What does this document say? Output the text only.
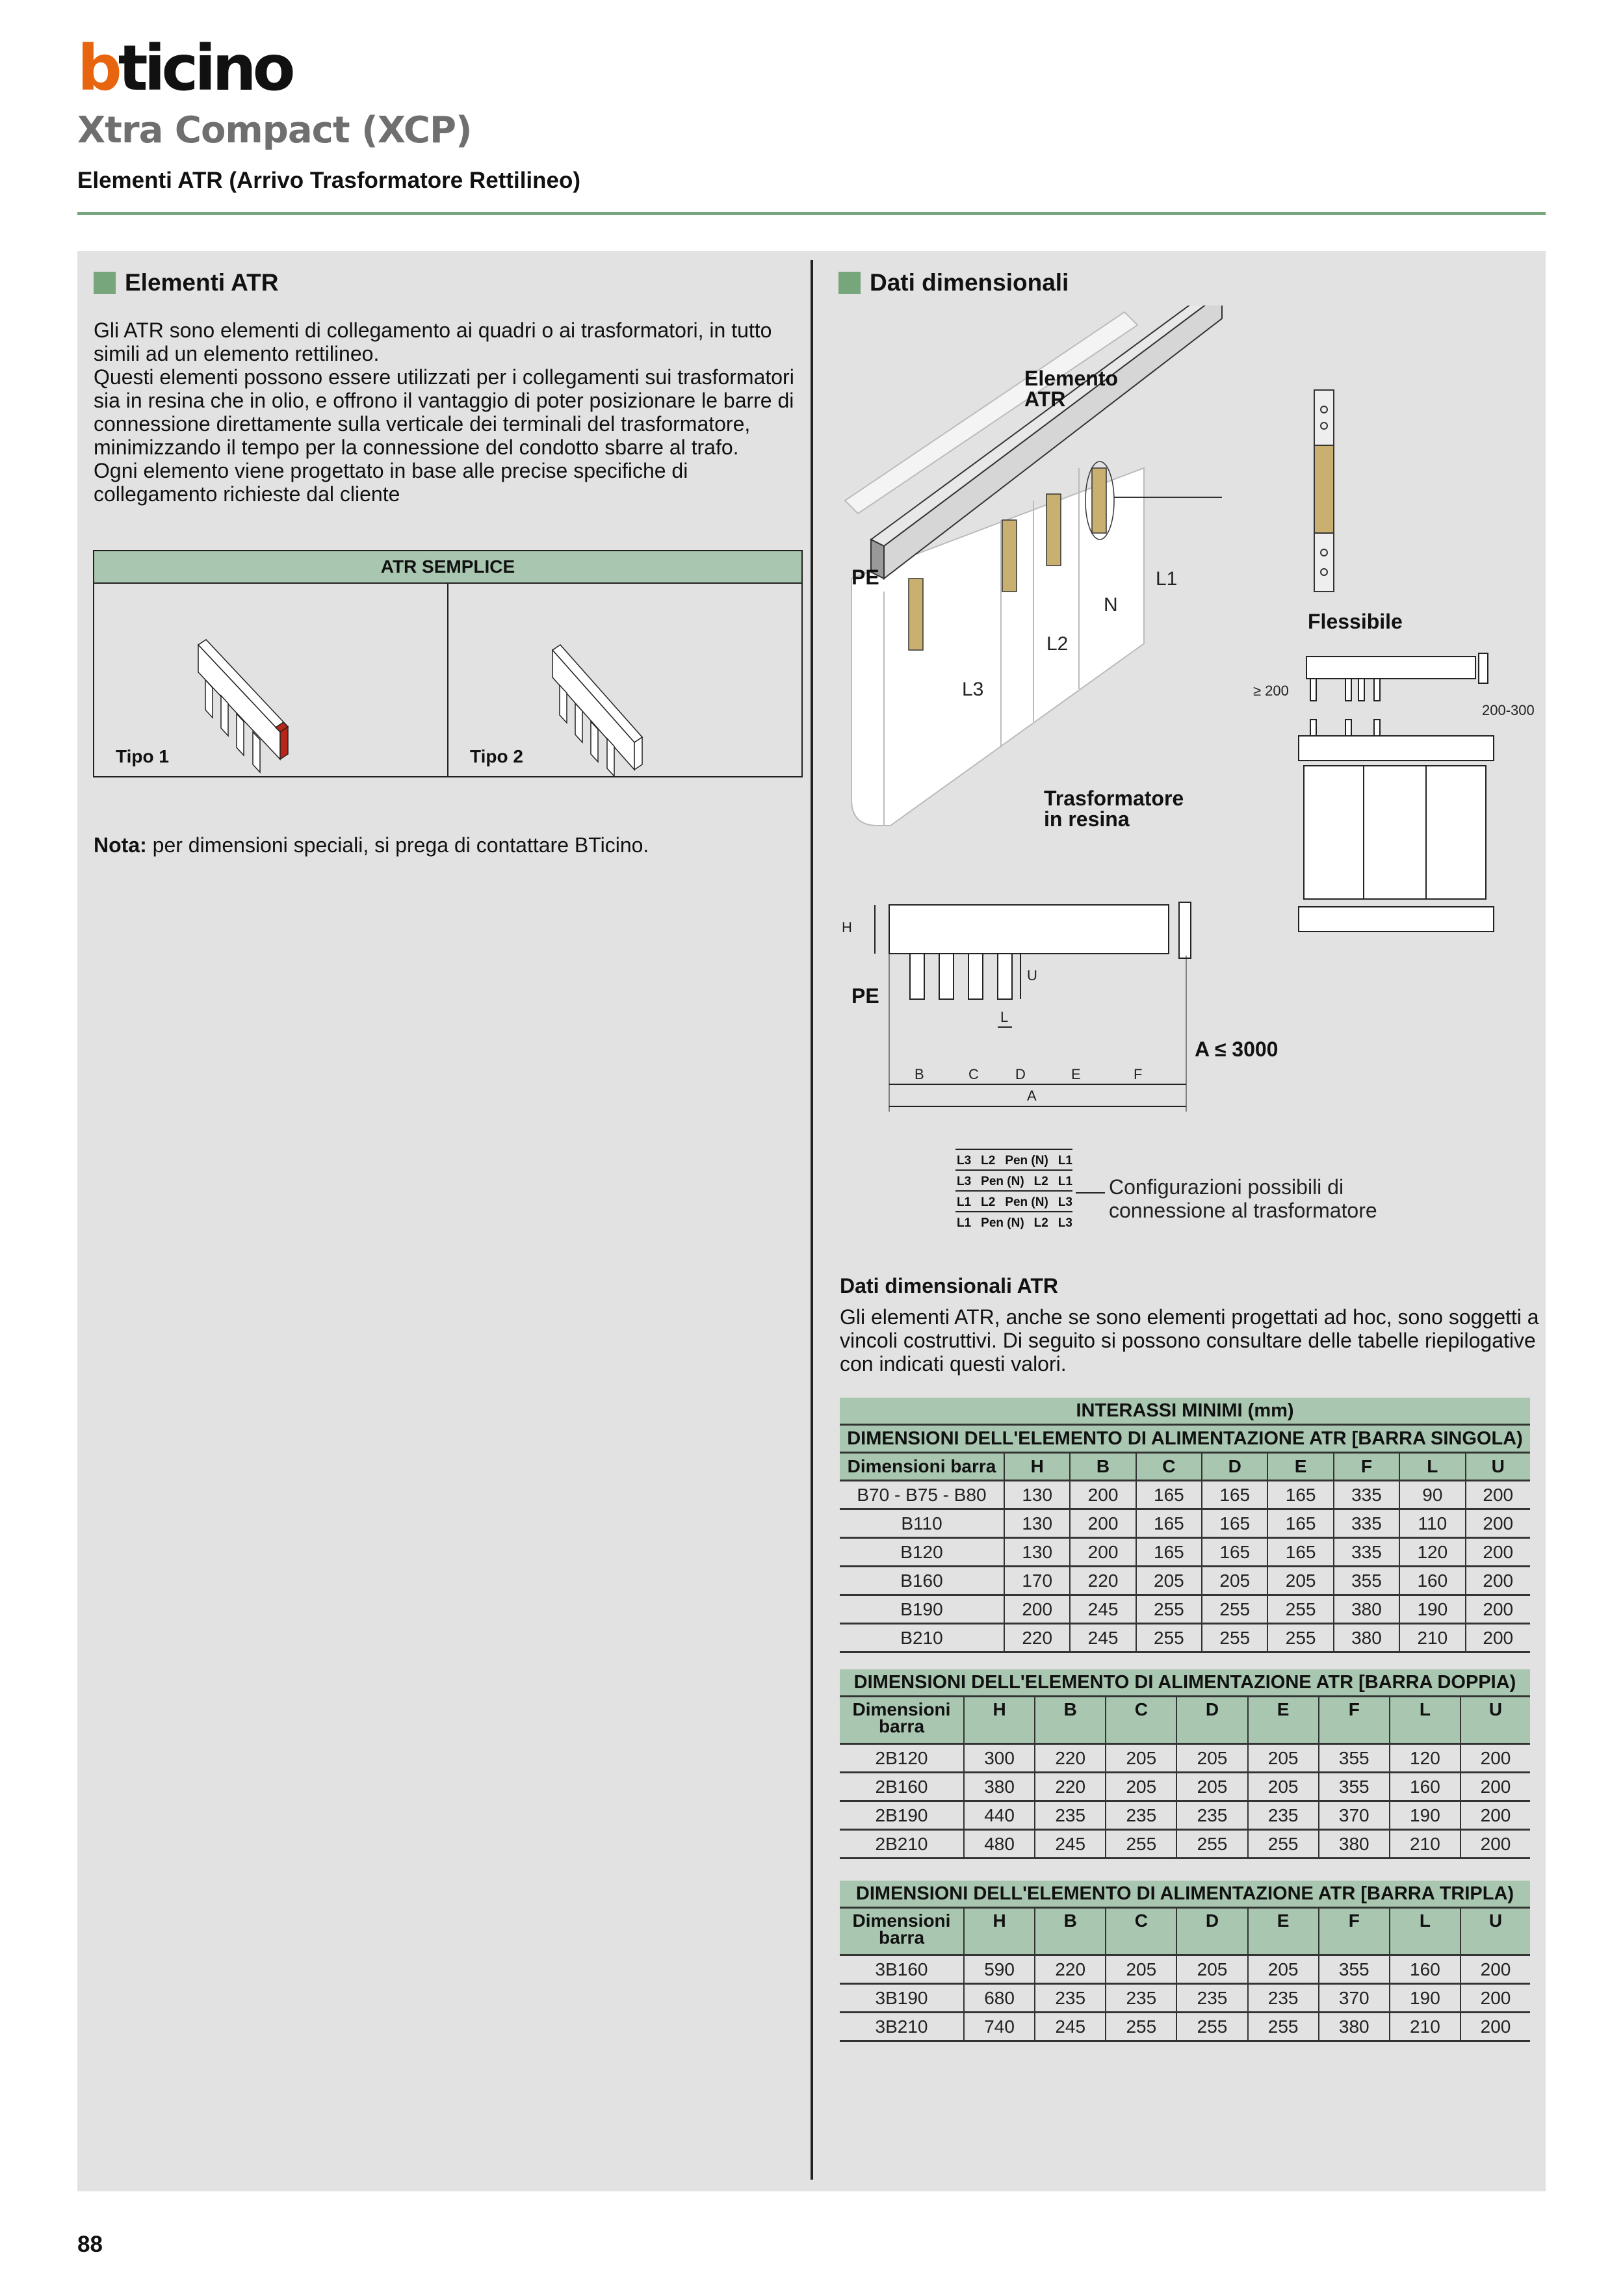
b ticino
Xtra Compact (XCP)
Elementi ATR (Arrivo Trasformatore Rettilineo)
Elementi ATR

Gli ATR sono elementi di collegamento ai quadri o ai trasformatori, in tutto simili ad un elemento rettilineo.

Questi elementi possono essere utilizzati per i collegamenti sui trasformatori sia in resina che in olio, e offrono il vantaggio di poter posizionare le barre di connessione direttamente sulla verticale dei terminali del trasformatore, minimizzando il tempo per la connessione del condotto sbarre al trafo.

Ogni elemento viene progettato in base alle precise specifiche di collegamento richieste dal cliente

ATR SEMPLICE
Tipo 1	Tipo 2
Nota: per dimensioni speciali, si prega di contattare BTicino.
Dati dimensionali
Elemento
ATR
PE	L1
N
L2
L3
Flessibile
Trasformatore
in resina
≥ 200
200-300
H
U
L
B	C	D	E	F
A
PE
A ≤ 3000
L3 L2 Pen (N) L1
L3 Pen (N) L2 L1
L1 L2 Pen (N) L3
L1 Pen (N) L2 L3
Configurazioni possibili di
connessione al trasformatore
Dati dimensionali ATR
Gli elementi ATR, anche se sono elementi progettati ad hoc, sono soggetti a vincoli costruttivi. Di seguito si possono consultare delle tabelle riepilogative con indicati questi valori.
INTERASSI MINIMI (mm)								
DIMENSIONI DELL'ELEMENTO DI ALIMENTAZIONE ATR [BARRA SINGOLA)								
Dimensioni barra	H	B	C	D	E	F	L	U
B70 - B75 - B80	130	200	165	165	165	335	90	200
B110	130	200	165	165	165	335	110	200
B120	130	200	165	165	165	335	120	200
B160	170	220	205	205	205	355	160	200
B190	200	245	255	255	255	380	190	200
B210	220	245	255	255	255	380	210	200
DIMENSIONI DELL'ELEMENTO DI ALIMENTAZIONE ATR [BARRA DOPPIA)								
Dimensioni barra	H	B	C	D	E	F	L	U
2B120	300	220	205	205	205	355	120	200
2B160	380	220	205	205	205	355	160	200
2B190	440	235	235	235	235	370	190	200
2B210	480	245	255	255	255	380	210	200
DIMENSIONI DELL'ELEMENTO DI ALIMENTAZIONE ATR [BARRA TRIPLA)								
Dimensioni barra	H	B	C	D	E	F	L	U
3B160	590	220	205	205	205	355	160	200
3B190	680	235	235	235	235	370	190	200
3B210	740	245	255	255	255	380	210	200
88
